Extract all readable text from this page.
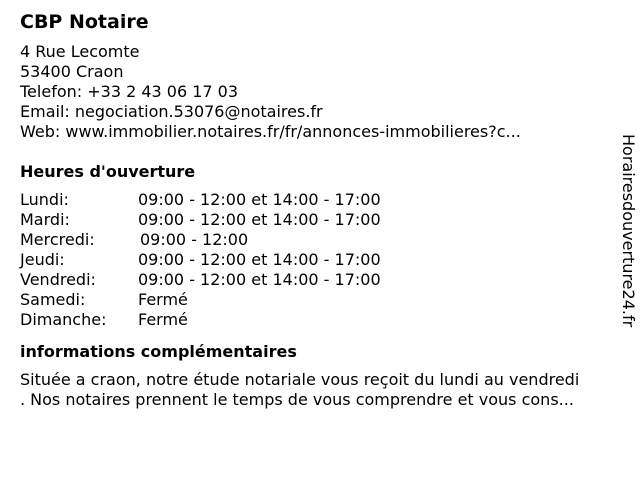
CBP Notaire
4 Rue Lecomte
53400 Craon
Telefon: +33 2 43 06 17 03
Email: negociation.53076@notaires.fr
Web: www.immobilier.notaires.fr/fr/annonces-immobilieres?c...
Heures d'ouverture
Lundi:	09:00 - 12:00 et 14:00 - 17:00
Mardi:	09:00 - 12:00 et 14:00 - 17:00
Mercredi:	09:00 - 12:00
Jeudi:	09:00 - 12:00 et 14:00 - 17:00
Vendredi:	09:00 - 12:00 et 14:00 - 17:00
Samedi:	Fermé
Dimanche:	Fermé
informations complémentaires
Située a craon, notre étude notariale vous reçoit du lundi au vendredi
. Nos notaires prennent le temps de vous comprendre et vous cons...
Horairesdouverture24.fr
